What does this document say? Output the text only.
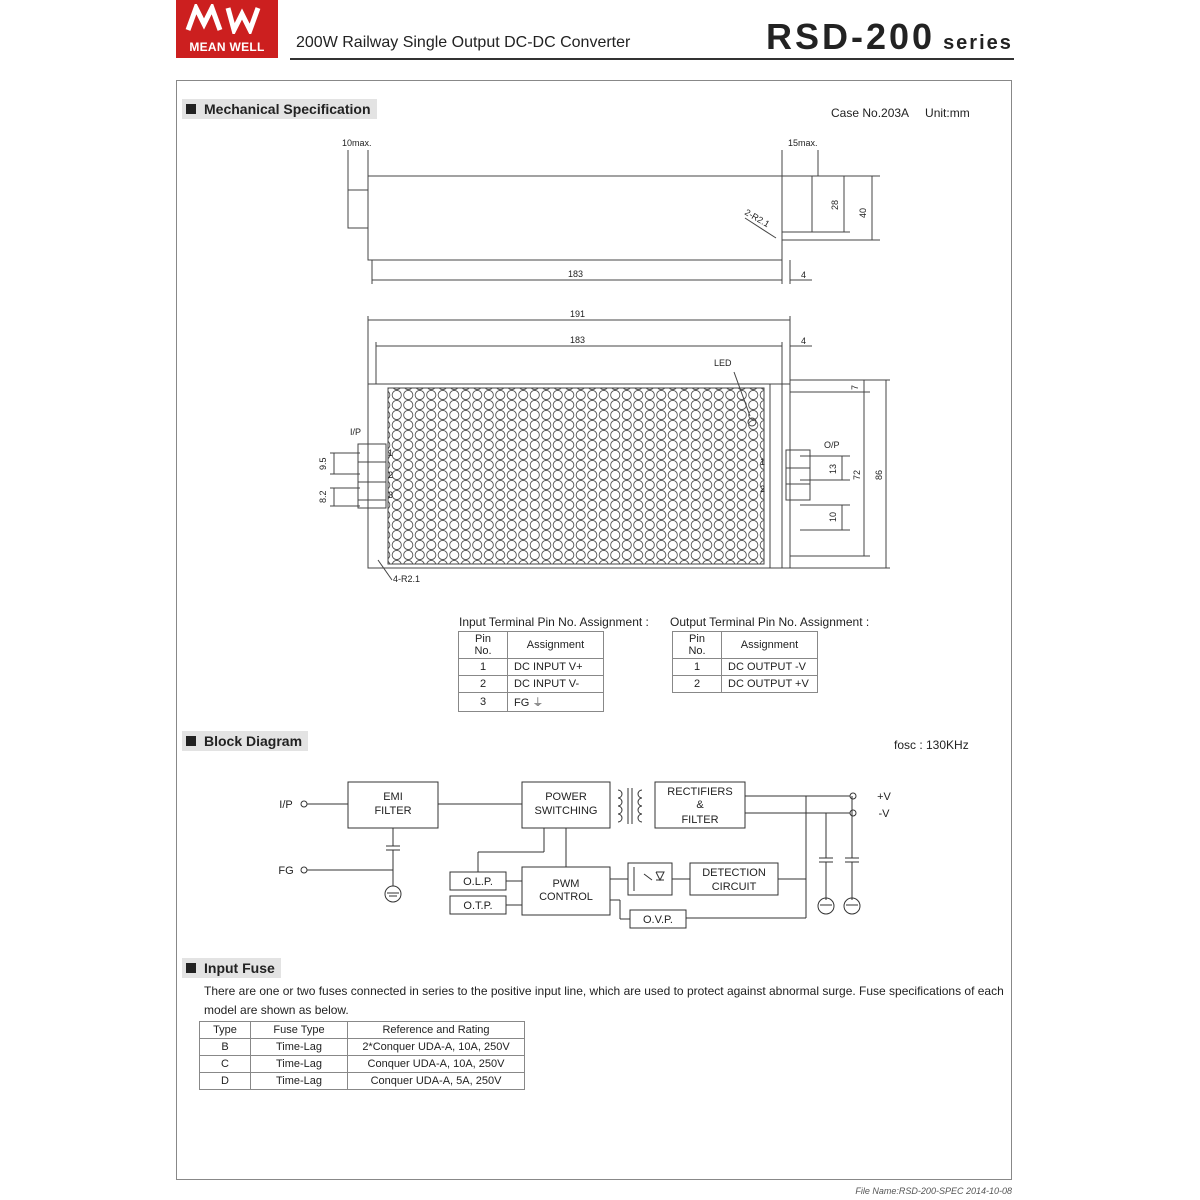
MEAN WELL	200W Railway Single Output DC-DC Converter	RSD-200 series
Mechanical Specification	Case No.203A Unit:mm
10max.	15max.
183	4
28
40
2-R2.1
191
183	4
LED
7
72 86
13
10
9.5
8.2
4-R2.1
I/P
O/P
1
2
3
1
2
Input Terminal Pin No. Assignment :
Pin No.	Assignment
1	DC INPUT V+
2	DC INPUT V-
3	FG ⏚
Output Terminal Pin No. Assignment :
Pin No.	Assignment
1	DC OUTPUT -V
2	DC OUTPUT +V
Block Diagram	fosc : 130KHz
I/P
FG
EMI
FILTER
POWER
SWITCHING
RECTIFIERS
&
FILTER
PWM
CONTROL
O.L.P.
O.T.P.
O.V.P.
DETECTION
CIRCUIT
+V
-V
Input Fuse
There are one or two fuses connected in series to the positive input line, which are used to protect against abnormal surge. Fuse specifications of each model are shown as below.
Type	Fuse Type	Reference and Rating
B	Time-Lag	2*Conquer UDA-A, 10A, 250V
C	Time-Lag	Conquer UDA-A, 10A, 250V
D	Time-Lag	Conquer UDA-A, 5A, 250V
File Name:RSD-200-SPEC 2014-10-08
